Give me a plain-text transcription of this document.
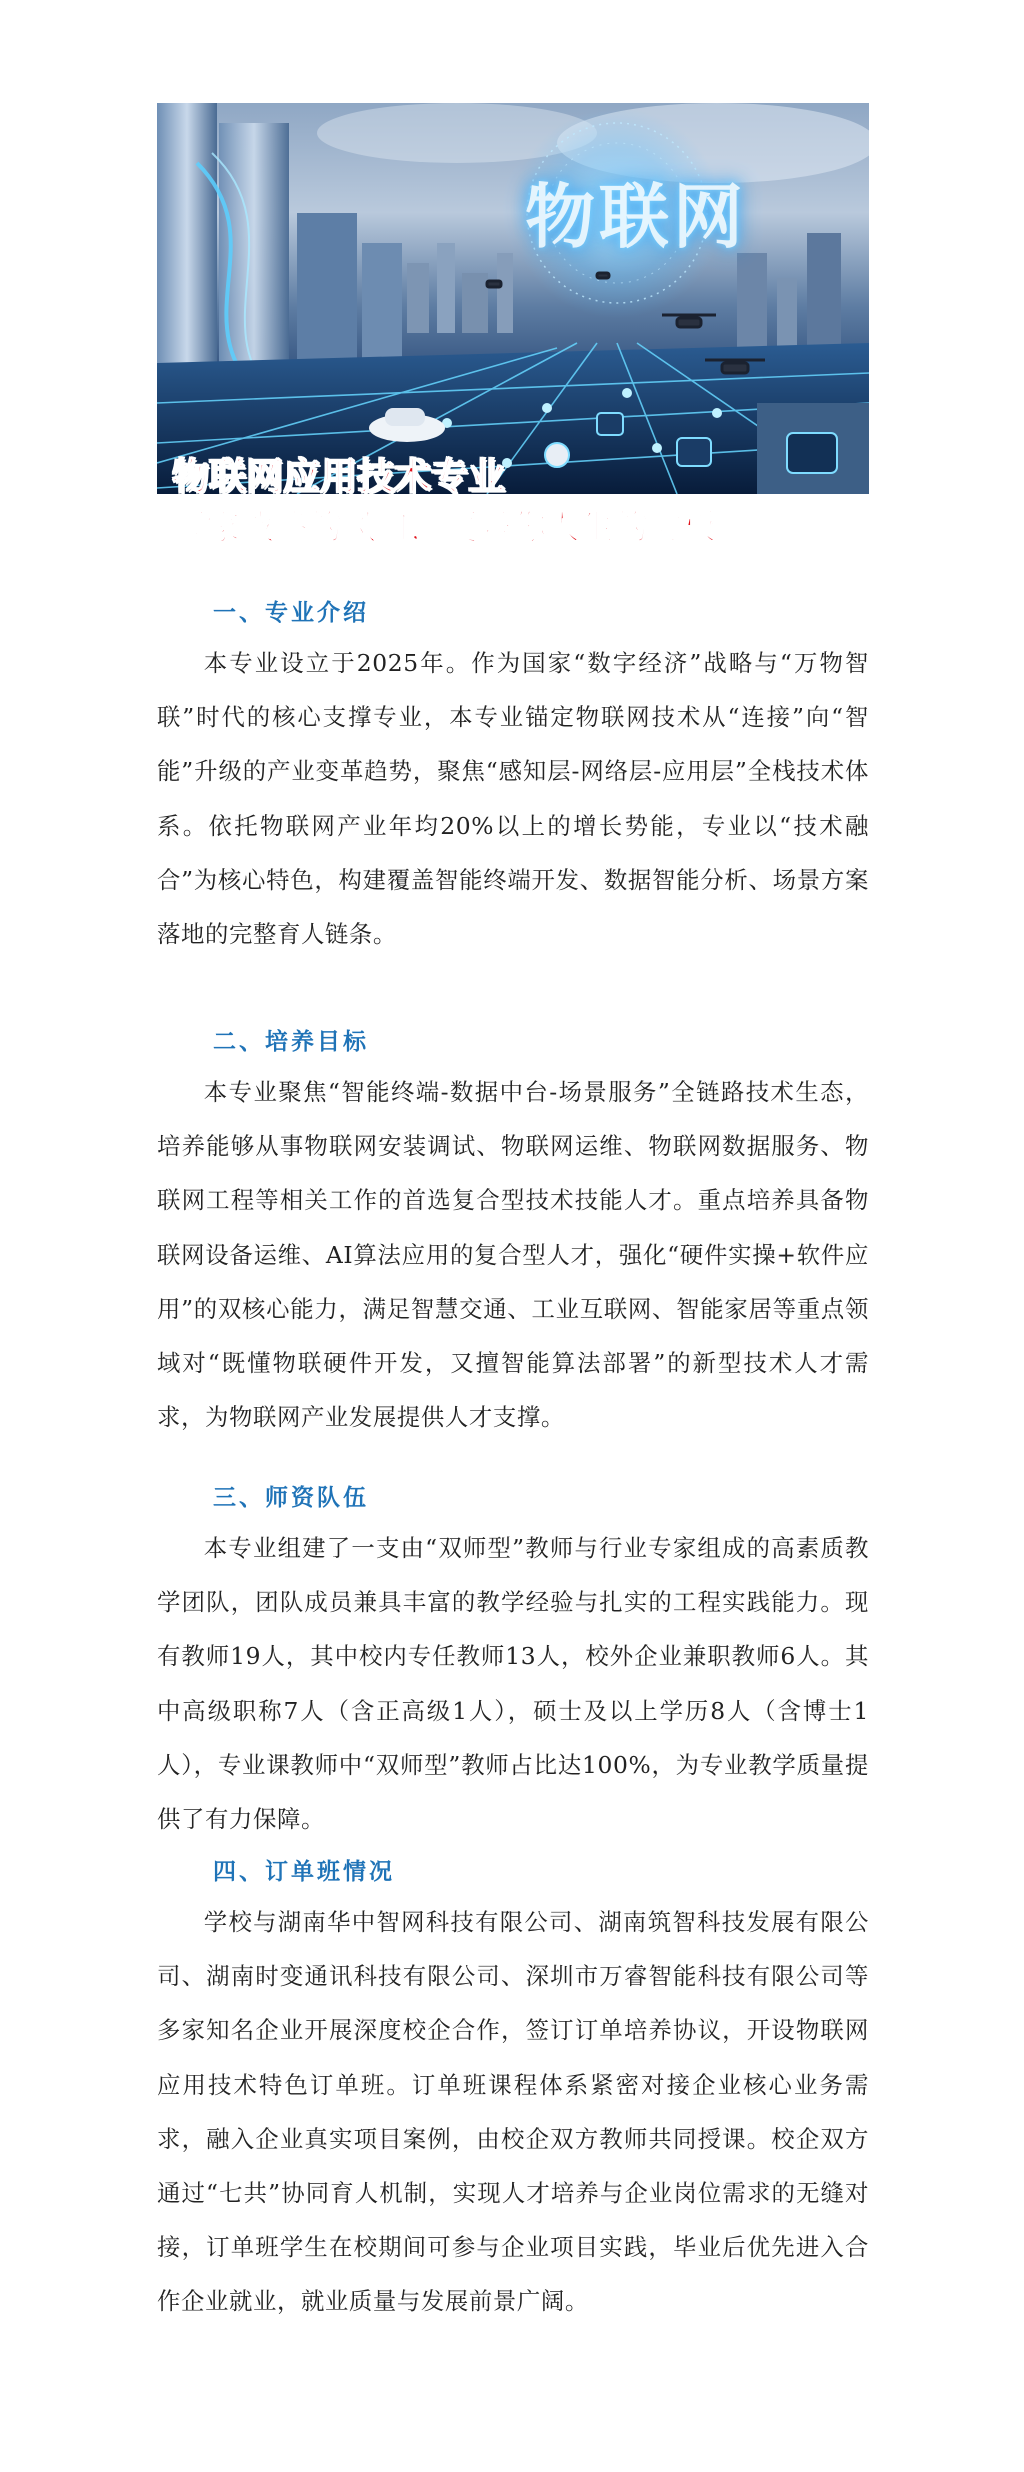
物联网
物联网应用技术专业
国家战略的风口，更是你人生的跳板。
一、专业介绍

本专业设立于2025年。作为国家“数字经济”战略与“万物智联”时代的核心支撑专业，本专业锚定物联网技术从“连接”向“智能”升级的产业变革趋势，聚焦“感知层-网络层-应用层”全栈技术体系。依托物联网产业年均20%以上的增长势能，专业以“技术融合”为核心特色，构建覆盖智能终端开发、数据智能分析、场景方案落地的完整育人链条。

二、培养目标

本专业聚焦“智能终端-数据中台-场景服务”全链路技术生态，培养能够从事物联网安装调试、物联网运维、物联网数据服务、物联网工程等相关工作的首选复合型技术技能人才。重点培养具备物联网设备运维、AI算法应用的复合型人才，强化“硬件实操+软件应用”的双核心能力，满足智慧交通、工业互联网、智能家居等重点领域对“既懂物联硬件开发，又擅智能算法部署”的新型技术人才需求，为物联网产业发展提供人才支撑。

三、师资队伍

本专业组建了一支由“双师型”教师与行业专家组成的高素质教学团队，团队成员兼具丰富的教学经验与扎实的工程实践能力。现有教师19人，其中校内专任教师13人，校外企业兼职教师6人。其中高级职称7人（含正高级1人），硕士及以上学历8人（含博士1人），专业课教师中“双师型”教师占比达100%，为专业教学质量提供了有力保障。

四、订单班情况

学校与湖南华中智网科技有限公司、湖南筑智科技发展有限公司、湖南时变通讯科技有限公司、深圳市万睿智能科技有限公司等多家知名企业开展深度校企合作，签订订单培养协议，开设物联网应用技术特色订单班。订单班课程体系紧密对接企业核心业务需求，融入企业真实项目案例，由校企双方教师共同授课。校企双方通过“七共”协同育人机制，实现人才培养与企业岗位需求的无缝对接，订单班学生在校期间可参与企业项目实践，毕业后优先进入合作企业就业，就业质量与发展前景广阔。
